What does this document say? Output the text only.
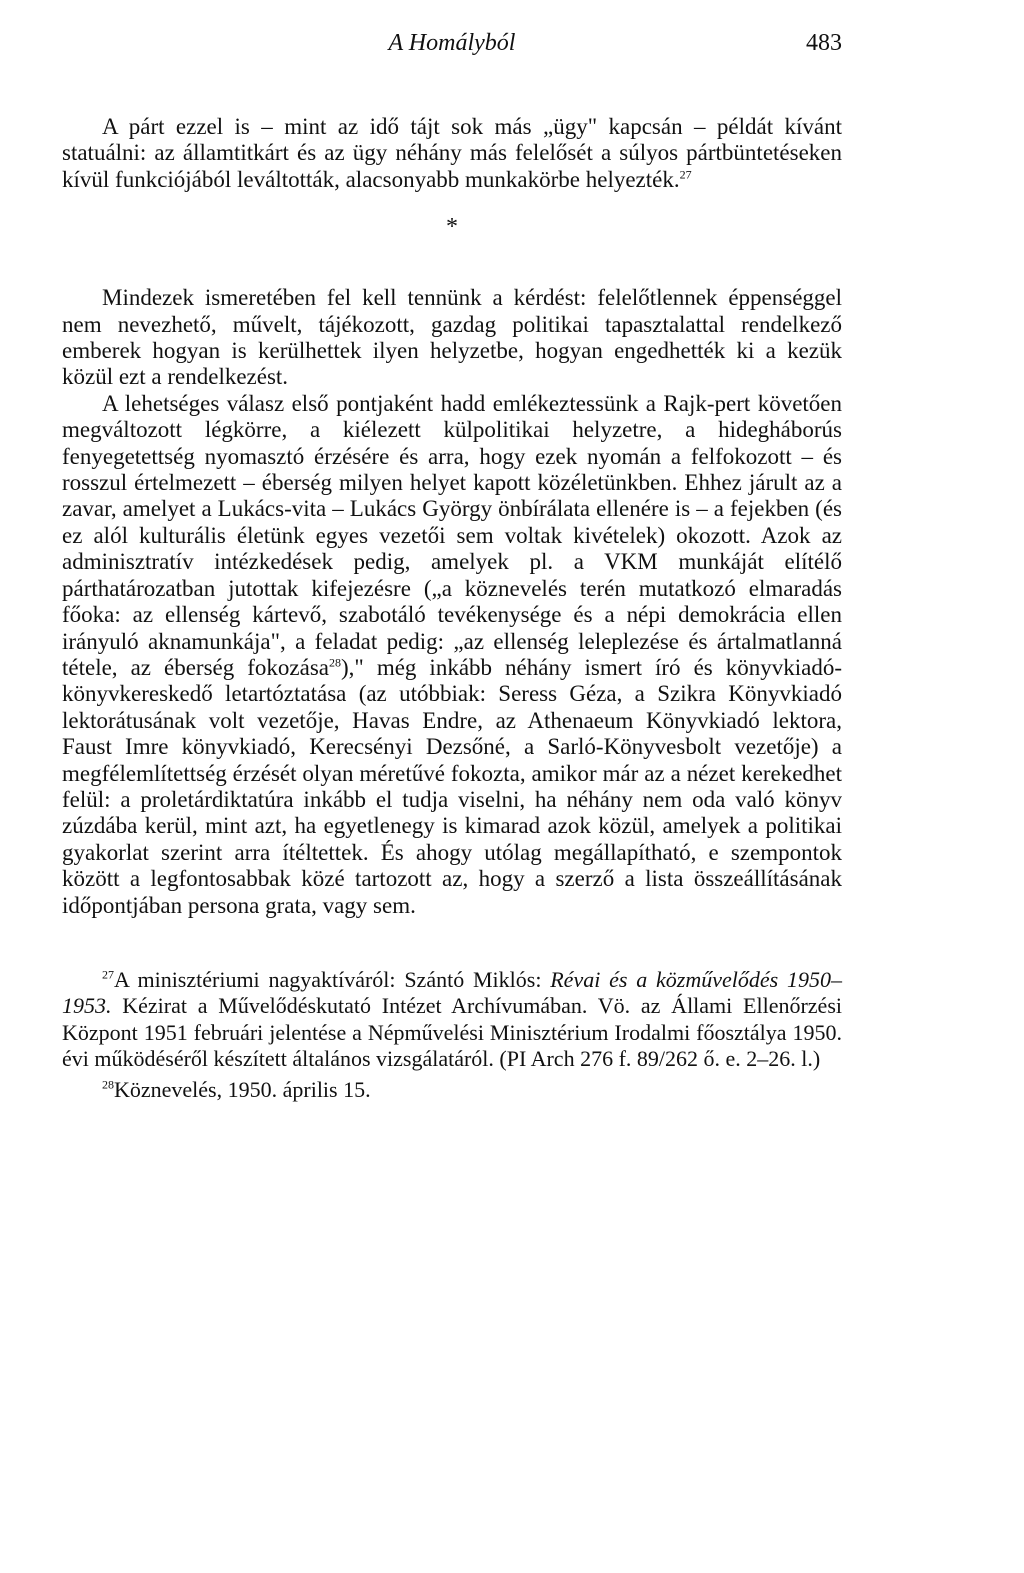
A Homályból	483

A párt ezzel is – mint az idő tájt sok más „ügy" kapcsán – példát kívánt statuálni: az államtitkárt és az ügy néhány más felelősét a súlyos pártbüntetéseken kívül funkciójából leváltották, alacsonyabb munkakörbe helyezték.$^{27}$

*

Mindezek ismeretében fel kell tennünk a kérdést: felelőtlennek éppenséggel nem nevezhető, művelt, tájékozott, gazdag politikai tapasztalattal rendelkező emberek hogyan is kerülhettek ilyen helyzetbe, hogyan engedhették ki a kezük közül ezt a rendelkezést.

A lehetséges válasz első pontjaként hadd emlékeztessünk a Rajk-pert követően megváltozott légkörre, a kiélezett külpolitikai helyzetre, a hidegháborús fenyegetettség nyomasztó érzésére és arra, hogy ezek nyomán a felfokozott – és rosszul értelmezett – éberség milyen helyet kapott közéletünkben. Ehhez járult az a zavar, amelyet a Lukács-vita – Lukács György önbírálata ellenére is – a fejekben (és ez alól kulturális életünk egyes vezetői sem voltak kivételek) okozott. Azok az adminisztratív intézkedések pedig, amelyek pl. a VKM munkáját elítélő párthatározatban jutottak kifejezésre („a köznevelés terén mutatkozó elmaradás főoka: az ellenség kártevő, szabotáló tevékenysége és a népi demokrácia ellen irányuló aknamunkája", a feladat pedig: „az ellenség leleplezése és ártalmatlanná tétele, az éberség fokozása$^{28}$)," még inkább néhány ismert író és könyvkiadó-könyvkereskedő letartóztatása (az utóbbiak: Seress Géza, a Szikra Könyvkiadó lektorátusának volt vezetője, Havas Endre, az Athenaeum Könyvkiadó lektora, Faust Imre könyvkiadó, Kerecsényi Dezsőné, a Sarló-Könyvesbolt vezetője) a megfélemlítettség érzését olyan méretűvé fokozta, amikor már az a nézet kerekedhet felül: a proletárdiktatúra inkább el tudja viselni, ha néhány nem oda való könyv zúzdába kerül, mint azt, ha egyetlenegy is kimarad azok közül, amelyek a politikai gyakorlat szerint arra ítéltettek. És ahogy utólag megállapítható, e szempontok között a legfontosabbak közé tartozott az, hogy a szerző a lista összeállításának időpontjában persona grata, vagy sem.

$^{27}$A minisztériumi nagyaktíváról: Szántó Miklós: Révai és a közművelődés 1950–1953. Kézirat a Művelődéskutató Intézet Archívumában. Vö. az Állami Ellenőrzési Központ 1951 februári jelentése a Népművelési Minisztérium Irodalmi főosztálya 1950. évi működéséről készített általános vizsgálatáról. (PI Arch 276 f. 89/262 ő. e. 2–26. l.)

$^{28}$Köznevelés, 1950. április 15.
